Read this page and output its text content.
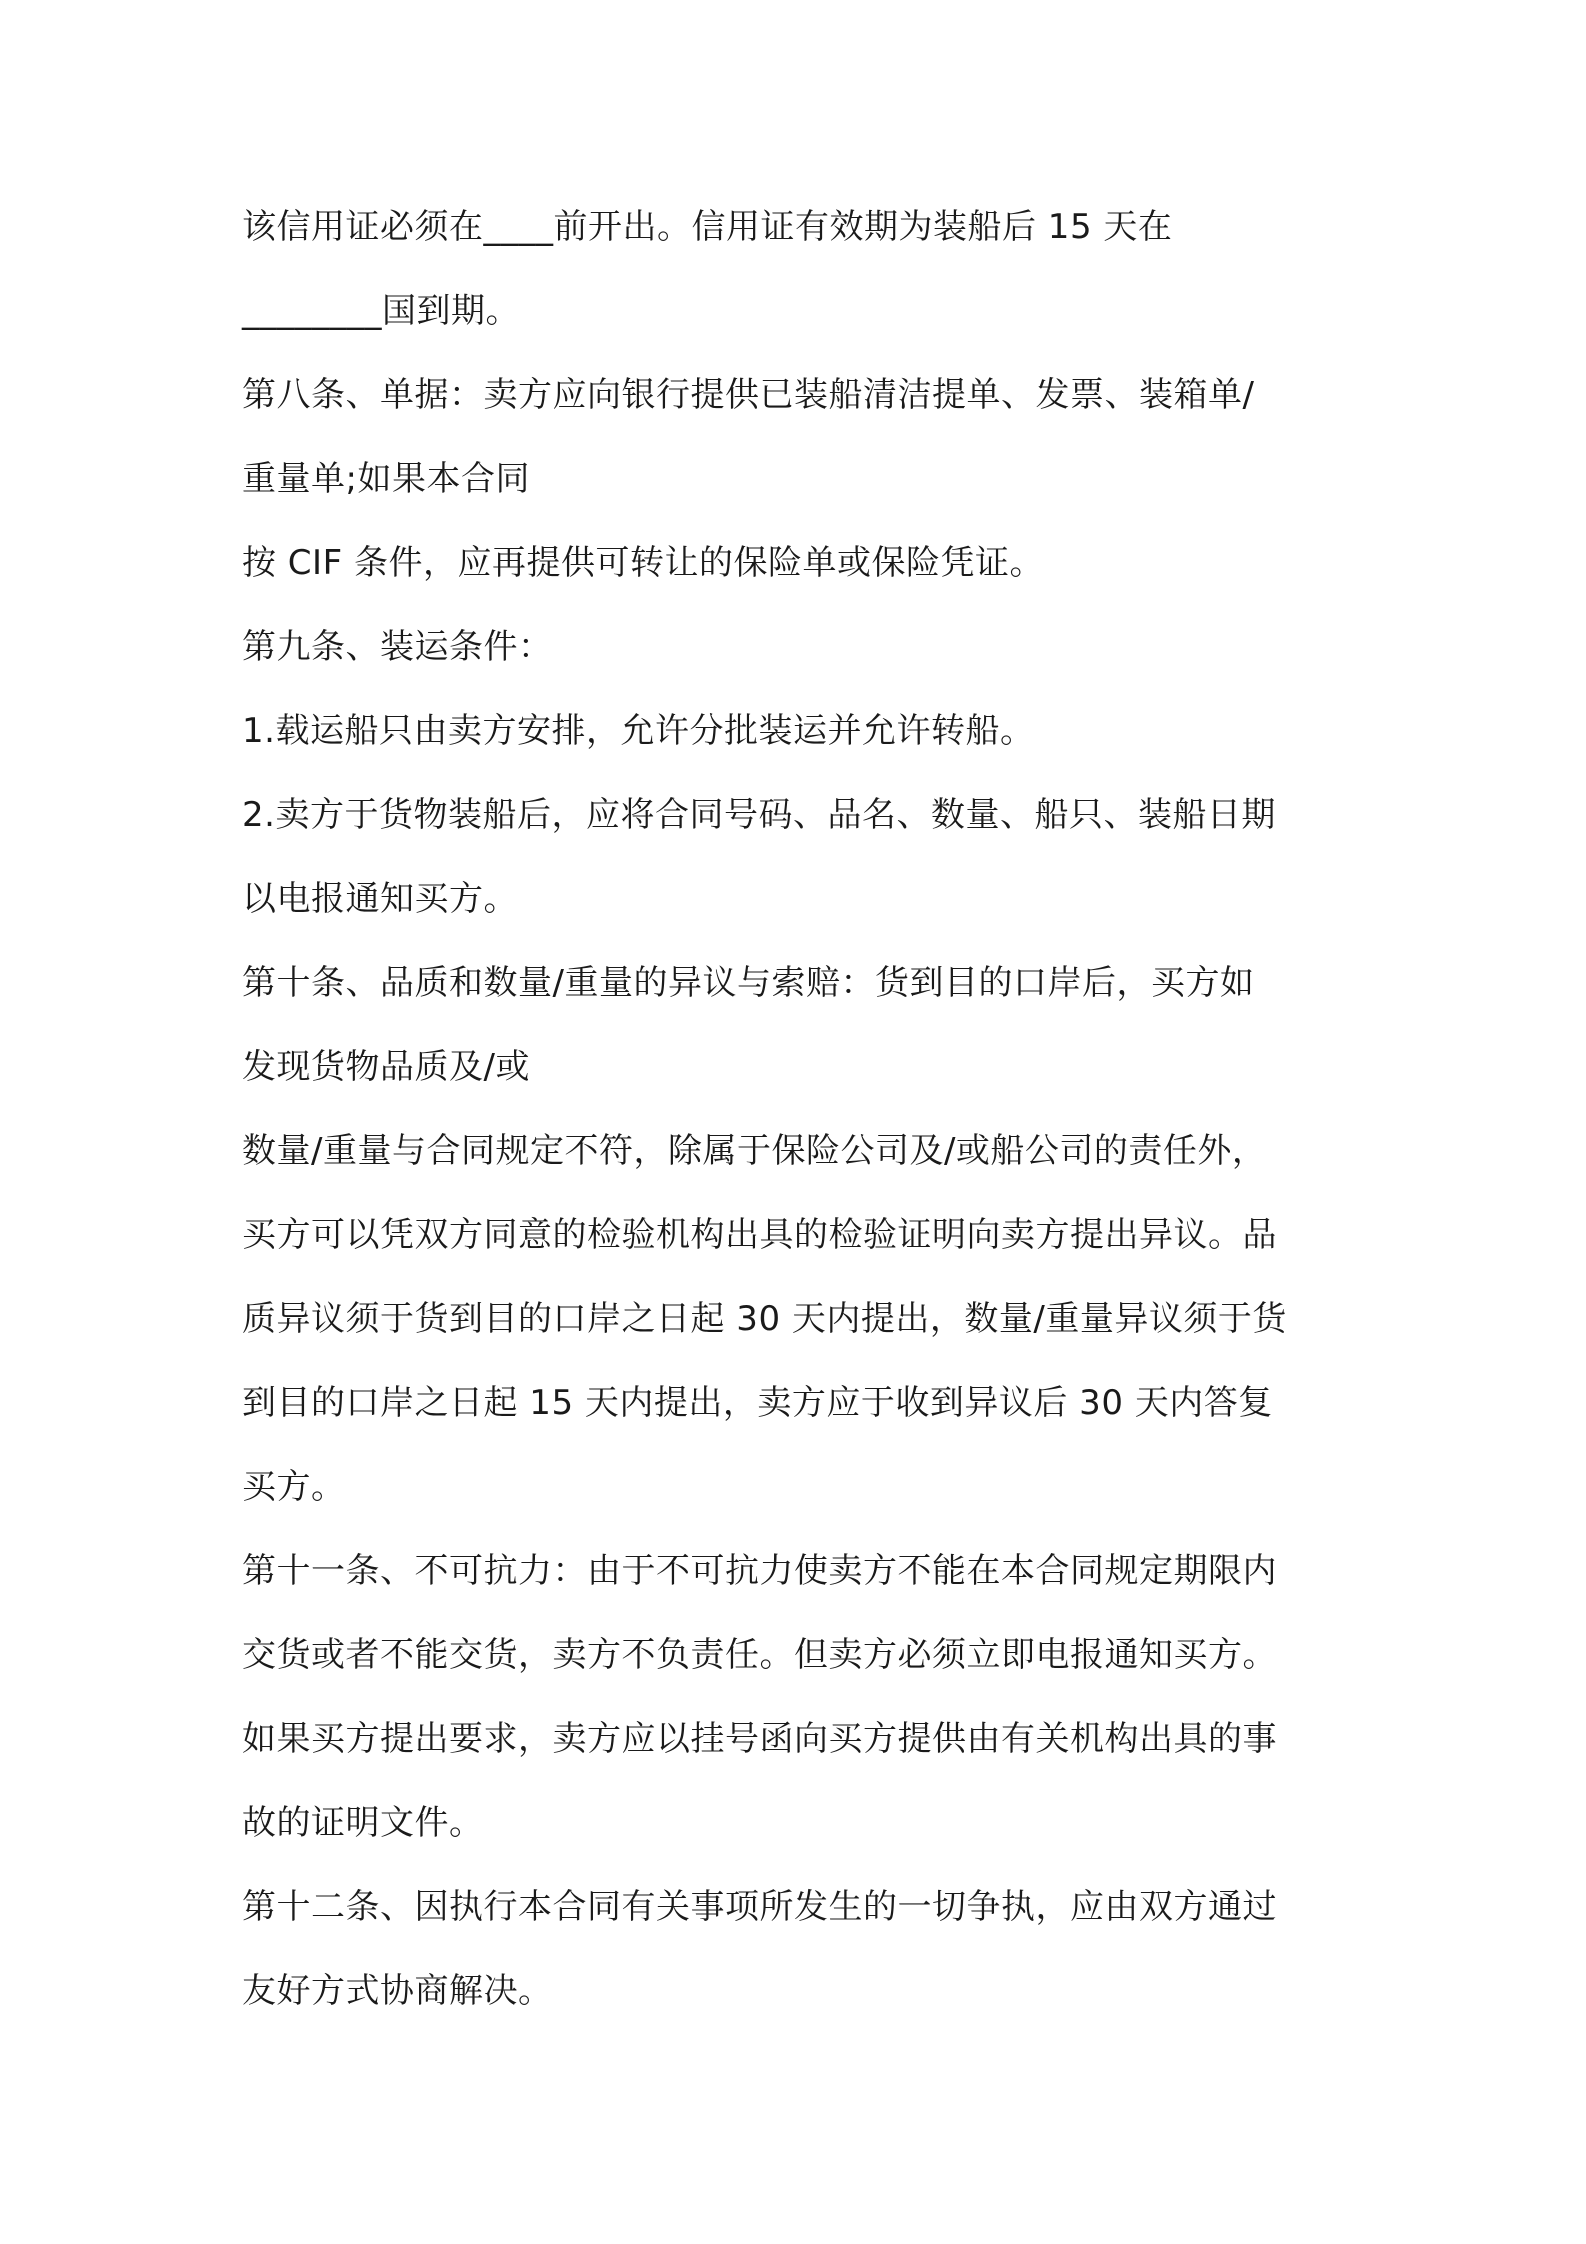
该信用证必须在____前开出。信用证有效期为装船后 15 天在
________国到期。
第八条、单据：卖方应向银行提供已装船清洁提单、发票、装箱单/
重量单;如果本合同
按 CIF 条件，应再提供可转让的保险单或保险凭证。
第九条、装运条件：
1.载运船只由卖方安排，允许分批装运并允许转船。
2.卖方于货物装船后，应将合同号码、品名、数量、船只、装船日期
以电报通知买方。
第十条、品质和数量/重量的异议与索赔：货到目的口岸后，买方如
发现货物品质及/或
数量/重量与合同规定不符，除属于保险公司及/或船公司的责任外，
买方可以凭双方同意的检验机构出具的检验证明向卖方提出异议。品
质异议须于货到目的口岸之日起 30 天内提出，数量/重量异议须于货
到目的口岸之日起 15 天内提出，卖方应于收到异议后 30 天内答复
买方。
第十一条、不可抗力：由于不可抗力使卖方不能在本合同规定期限内
交货或者不能交货，卖方不负责任。但卖方必须立即电报通知买方。
如果买方提出要求，卖方应以挂号函向买方提供由有关机构出具的事
故的证明文件。
第十二条、因执行本合同有关事项所发生的一切争执，应由双方通过
友好方式协商解决。
